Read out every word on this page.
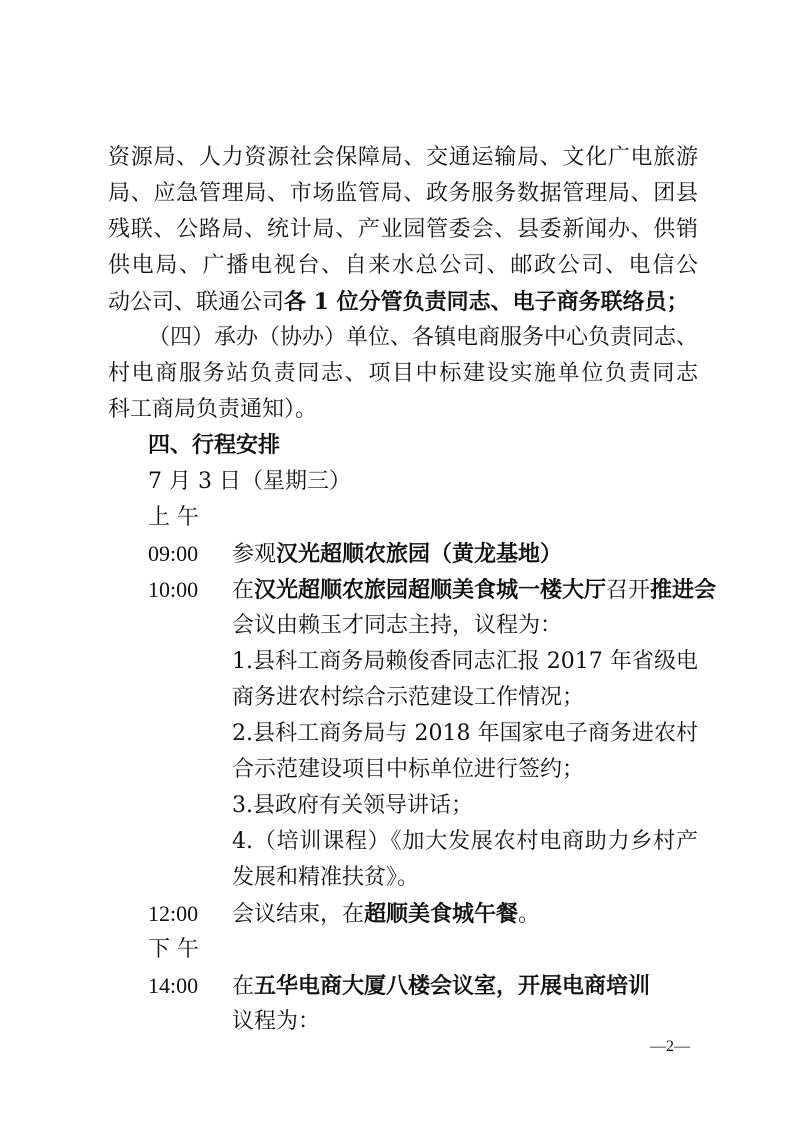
资源局、人力资源社会保障局、交通运输局、文化广电旅游
局、应急管理局、市场监管局、政务服务数据管理局、团县
残联、公路局、统计局、产业园管委会、县委新闻办、供销
供电局、广播电视台、自来水总公司、邮政公司、电信公
动公司、联通公司各 1 位分管负责同志、电子商务联络员；
（四）承办（协办）单位、各镇电商服务中心负责同志、
村电商服务站负责同志、项目中标建设实施单位负责同志
科工商局负责通知）。
四、行程安排
7 月 3 日（星期三）
上 午
09:00 参观汉光超顺农旅园（黄龙基地）
10:00 在汉光超顺农旅园超顺美食城一楼大厅召开推进会
会议由赖玉才同志主持，议程为：
1.县科工商务局赖俊香同志汇报 2017 年省级电
商务进农村综合示范建设工作情况；
2.县科工商务局与 2018 年国家电子商务进农村
合示范建设项目中标单位进行签约；
3.县政府有关领导讲话；
4.（培训课程）《加大发展农村电商助力乡村产
发展和精准扶贫》。
12:00 会议结束，在超顺美食城午餐。
下 午
14:00 在五华电商大厦八楼会议室，开展电商培训
议程为：
—2—
